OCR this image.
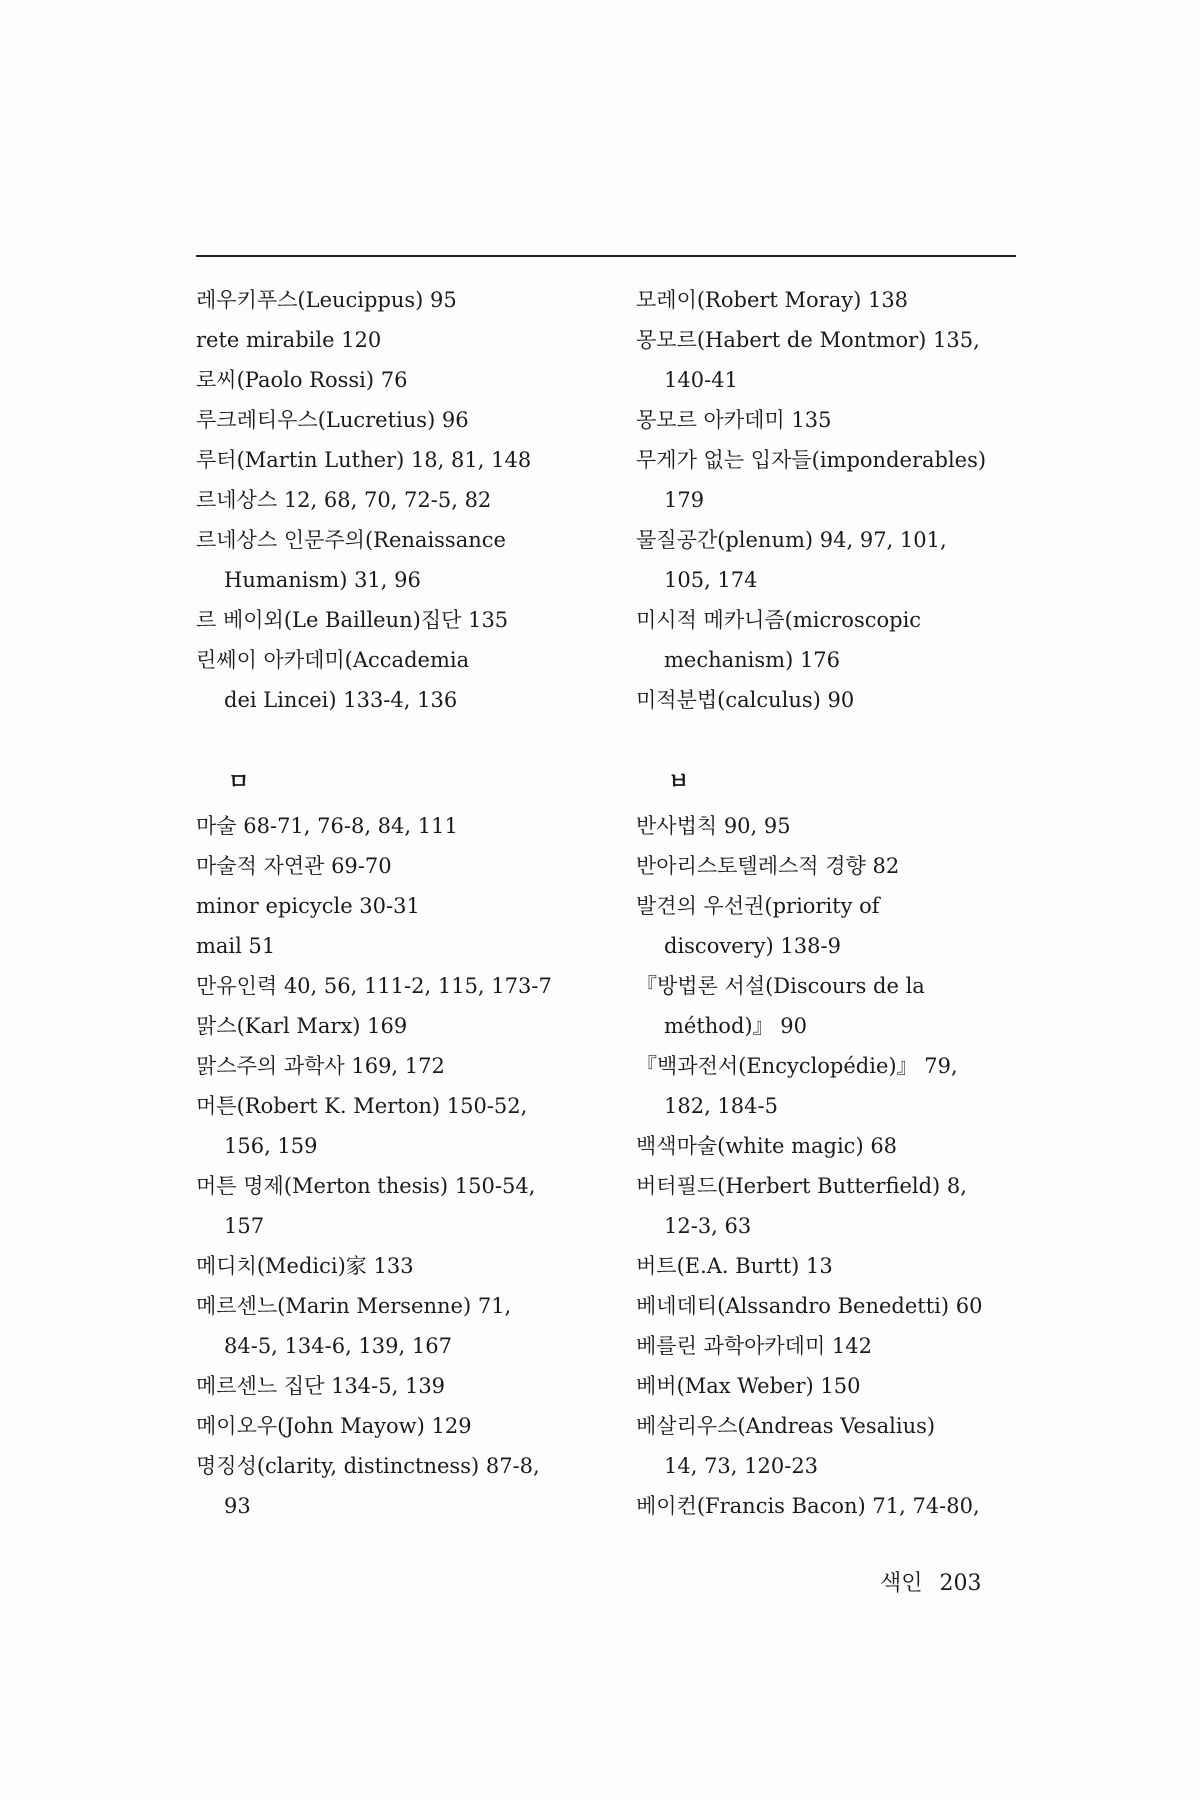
레우키푸스(Leucippus) 95
rete mirabile 120
로씨(Paolo Rossi) 76
루크레티우스(Lucretius) 96
루터(Martin Luther) 18, 81, 148
르네상스 12, 68, 70, 72-5, 82
르네상스 인문주의(Renaissance
Humanism) 31, 96
르 베이외(Le Bailleun)집단 135
린쎄이 아카데미(Accademia
dei Lincei) 133-4, 136
ㅁ
마술 68-71, 76-8, 84, 111
마술적 자연관 69-70
minor epicycle 30-31
mail 51
만유인력 40, 56, 111-2, 115, 173-7
맑스(Karl Marx) 169
맑스주의 과학사 169, 172
머튼(Robert K. Merton) 150-52,
156, 159
머튼 명제(Merton thesis) 150-54,
157
메디치(Medici)家 133
메르센느(Marin Mersenne) 71,
84-5, 134-6, 139, 167
메르센느 집단 134-5, 139
메이오우(John Mayow) 129
명징성(clarity, distinctness) 87-8,
93
모레이(Robert Moray) 138
몽모르(Habert de Montmor) 135,
140-41
몽모르 아카데미 135
무게가 없는 입자들(imponderables)
179
물질공간(plenum) 94, 97, 101,
105, 174
미시적 메카니즘(microscopic
mechanism) 176
미적분법(calculus) 90
ㅂ
반사법칙 90, 95
반아리스토텔레스적 경향 82
발견의 우선권(priority of
discovery) 138-9
『방법론 서설(Discours de la
méthod)』 90
『백과전서(Encyclopédie)』 79,
182, 184-5
백색마술(white magic) 68
버터필드(Herbert Butterfield) 8,
12-3, 63
버트(E.A. Burtt) 13
베네데티(Alssandro Benedetti) 60
베를린 과학아카데미 142
베버(Max Weber) 150
베살리우스(Andreas Vesalius)
14, 73, 120-23
베이컨(Francis Bacon) 71, 74-80,
색인 203
